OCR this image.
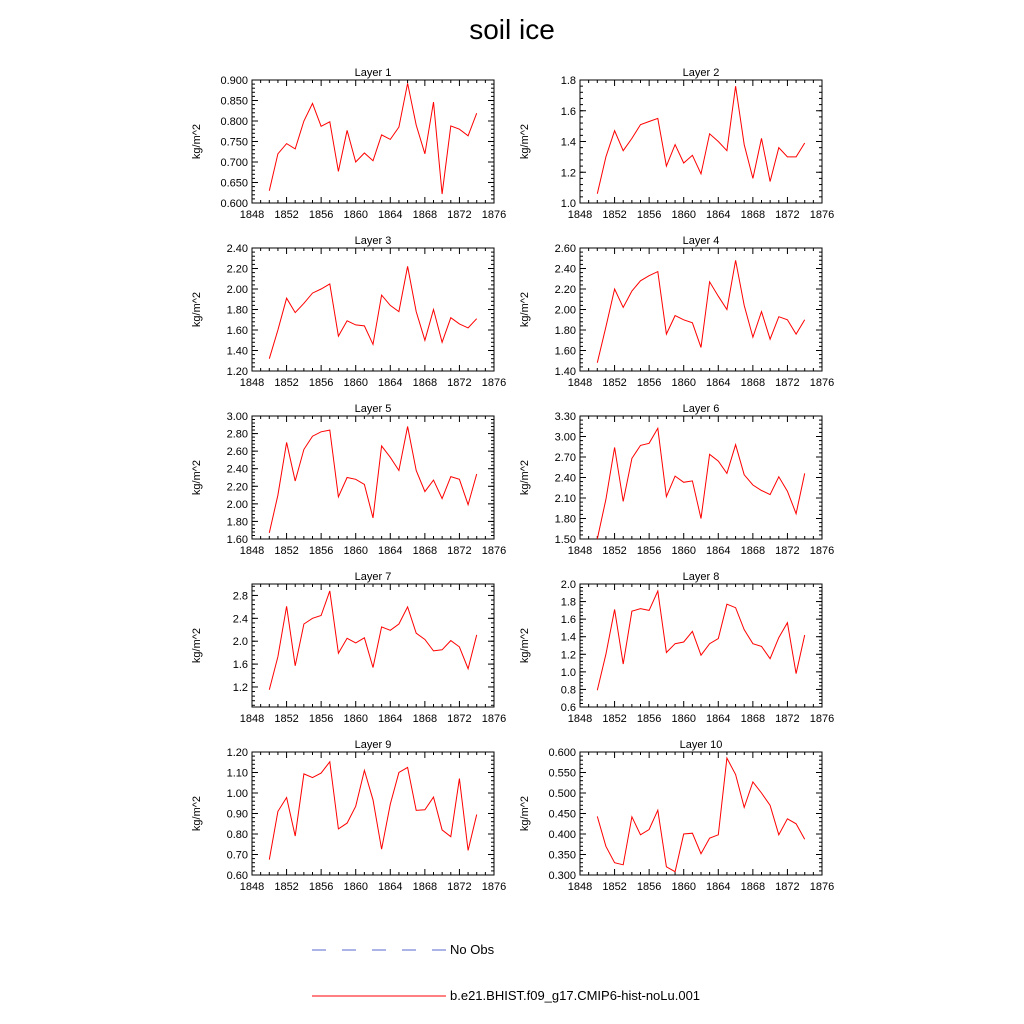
soil ice
Layer 1
1848 1852 1856 1860 1864 1868 1872 1876
0.600
0.650
0.700
0.750
0.800
0.850
0.900
kg/m^2
Layer 2
1848 1852 1856 1860 1864 1868 1872 1876
1.0
1.2
1.4
1.6
1.8
kg/m^2
Layer 3
1848 1852 1856 1860 1864 1868 1872 1876
1.20
1.40
1.60
1.80
2.00
2.20
2.40
kg/m^2
Layer 4
1848 1852 1856 1860 1864 1868 1872 1876
1.40
1.60
1.80
2.00
2.20
2.40
2.60
kg/m^2
Layer 5
1848 1852 1856 1860 1864 1868 1872 1876
1.60
1.80
2.00
2.20
2.40
2.60
2.80
3.00
kg/m^2
Layer 6
1848 1852 1856 1860 1864 1868 1872 1876
1.50
1.80
2.10
2.40
2.70
3.00
3.30
kg/m^2
Layer 7
1848 1852 1856 1860 1864 1868 1872 1876
1.2
1.6
2.0
2.4
2.8
kg/m^2
Layer 8
1848 1852 1856 1860 1864 1868 1872 1876
0.6
0.8
1.0
1.2
1.4
1.6
1.8
2.0
kg/m^2
Layer 9
1848 1852 1856 1860 1864 1868 1872 1876
0.60
0.70
0.80
0.90
1.00
1.10
1.20
kg/m^2
Layer 10
1848 1852 1856 1860 1864 1868 1872 1876
0.300
0.350
0.400
0.450
0.500
0.550
0.600
kg/m^2
No Obs
b.e21.BHIST.f09_g17.CMIP6-hist-noLu.001
